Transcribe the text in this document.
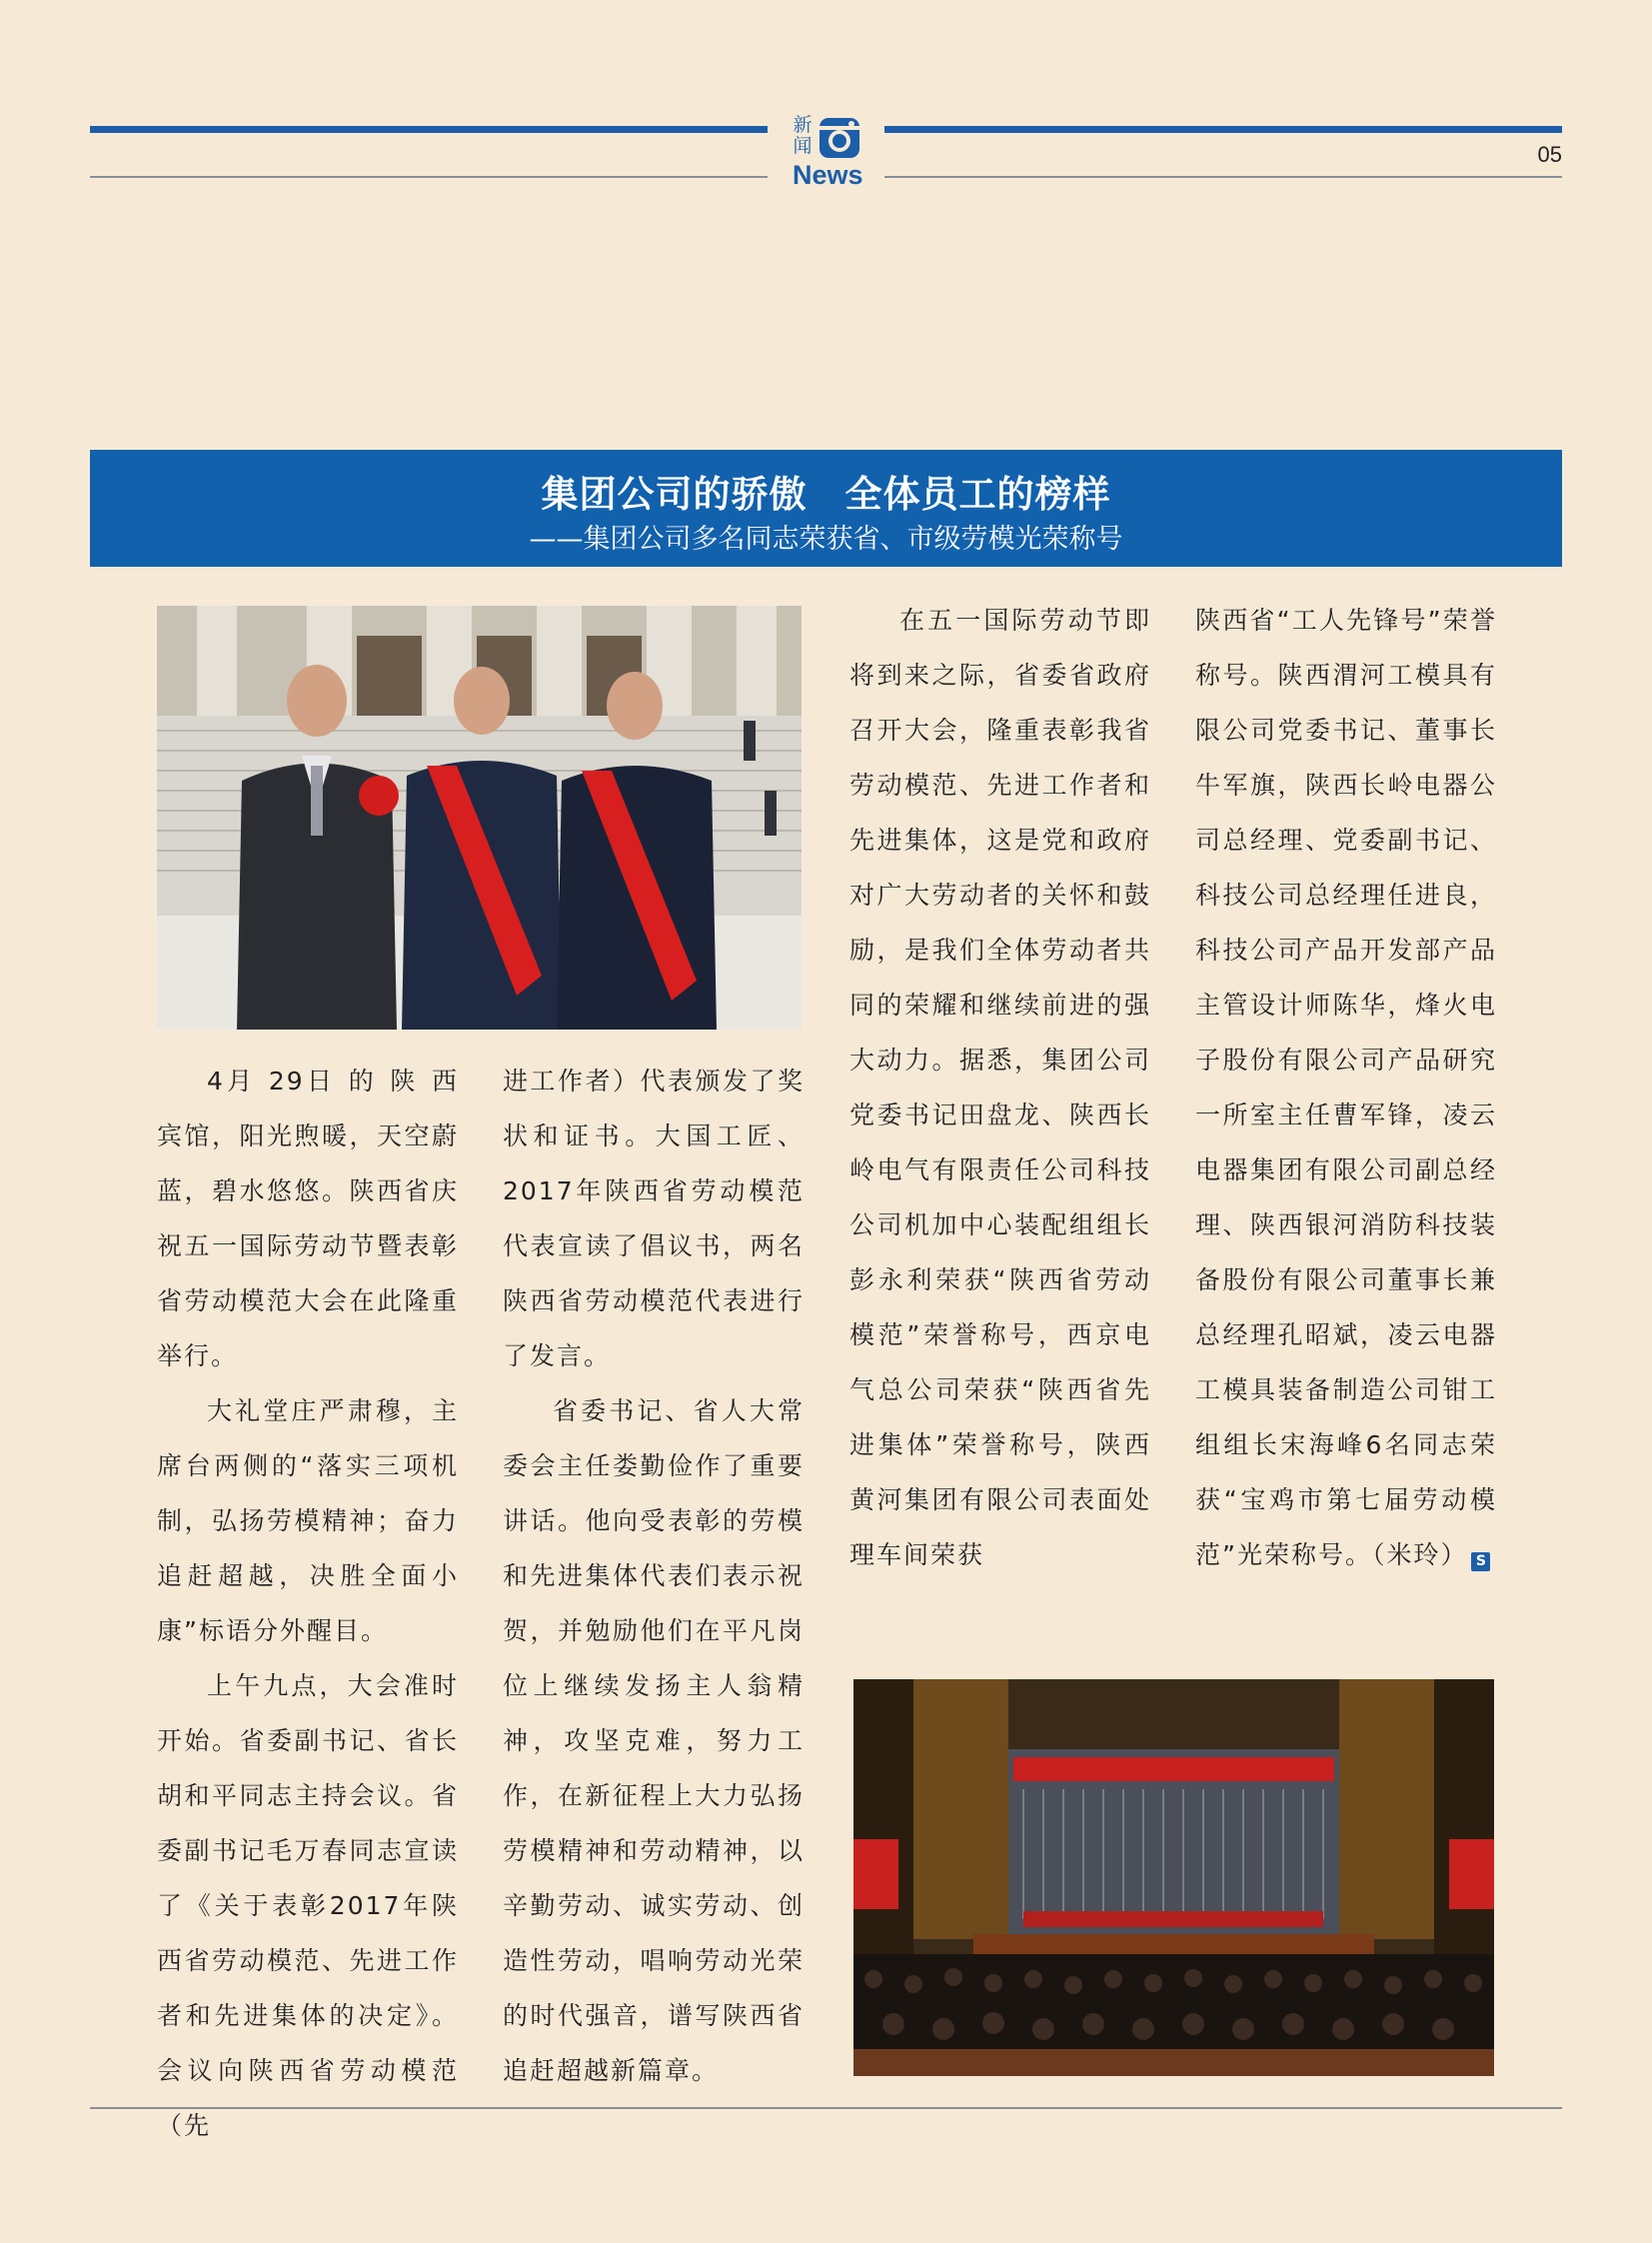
新闻
News
05
集团公司的骄傲　全体员工的榜样
——集团公司多名同志荣获省、市级劳模光荣称号

4月 29日 的 陕 西 宾馆，阳光煦暖，天空蔚蓝，碧水悠悠。陕西省庆祝五一国际劳动节暨表彰省劳动模范大会在此隆重举行。

大礼堂庄严肃穆，主席台两侧的“落实三项机制，弘扬劳模精神；奋力追赶超越，决胜全面小康”标语分外醒目。

上午九点，大会准时开始。省委副书记、省长胡和平同志主持会议。省委副书记毛万春同志宣读了《关于表彰2017年陕西省劳动模范、先进工作者和先进集体的决定》。会议向陕西省劳动模范（先

进工作者）代表颁发了奖状和证书。大国工匠、2017年陕西省劳动模范代表宣读了倡议书，两名陕西省劳动模范代表进行了发言。

省委书记、省人大常委会主任娄勤俭作了重要讲话。他向受表彰的劳模和先进集体代表们表示祝贺，并勉励他们在平凡岗位上继续发扬主人翁精神，攻坚克难，努力工作，在新征程上大力弘扬劳模精神和劳动精神，以辛勤劳动、诚实劳动、创造性劳动，唱响劳动光荣的时代强音，谱写陕西省追赶超越新篇章。

在五一国际劳动节即将到来之际，省委省政府召开大会，隆重表彰我省劳动模范、先进工作者和先进集体，这是党和政府对广大劳动者的关怀和鼓励，是我们全体劳动者共同的荣耀和继续前进的强大动力。据悉，集团公司党委书记田盘龙、陕西长岭电气有限责任公司科技公司机加中心装配组组长彭永利荣获“陕西省劳动模范”荣誉称号，西京电气总公司荣获“陕西省先进集体”荣誉称号，陕西黄河集团有限公司表面处理车间荣获

陕西省“工人先锋号”荣誉称号。陕西渭河工模具有限公司党委书记、董事长牛军旗，陕西长岭电器公司总经理、党委副书记、科技公司总经理任进良，科技公司产品开发部产品主管设计师陈华，烽火电子股份有限公司产品研究一所室主任曹军锋，凌云电器集团有限公司副总经理、陕西银河消防科技装备股份有限公司董事长兼总经理孔昭斌，凌云电器工模具装备制造公司钳工组组长宋海峰6名同志荣获“宝鸡市第七届劳动模范”光荣称号。（米玲） S
